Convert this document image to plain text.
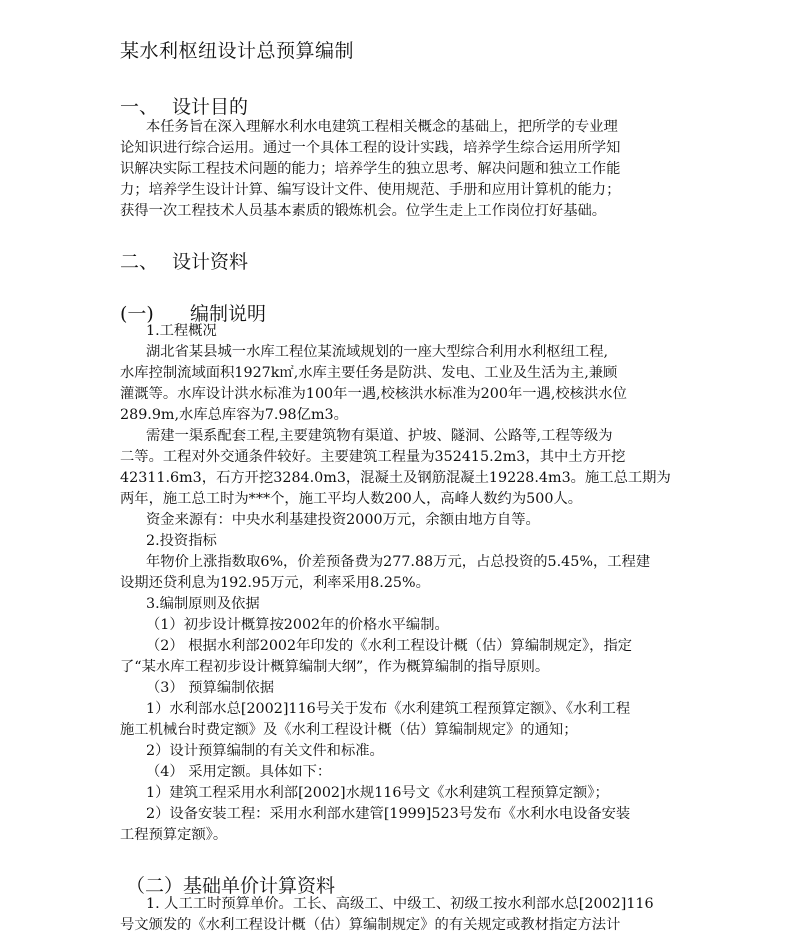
某水利枢纽设计总预算编制
一、 设计目的
本任务旨在深入理解水利水电建筑工程相关概念的基础上，把所学的专业理
论知识进行综合运用。通过一个具体工程的设计实践，培养学生综合运用所学知
识解决实际工程技术问题的能力；培养学生的独立思考、解决问题和独立工作能
力；培养学生设计计算、编写设计文件、使用规范、手册和应用计算机的能力；
获得一次工程技术人员基本素质的锻炼机会。位学生走上工作岗位打好基础。
二、 设计资料
(一) 编制说明
1.工程概况
湖北省某县城一水库工程位某流域规划的一座大型综合利用水利枢纽工程,
水库控制流域面积1927k㎡,水库主要任务是防洪、发电、工业及生活为主,兼顾
灌溉等。水库设计洪水标准为100年一遇,校核洪水标准为200年一遇,校核洪水位
289.9m,水库总库容为7.98亿m3。
需建一渠系配套工程,主要建筑物有渠道、护坡、隧洞、公路等,工程等级为
二等。工程对外交通条件较好。主要建筑工程量为352415.2m3，其中土方开挖
42311.6m3，石方开挖3284.0m3，混凝土及钢筋混凝土19228.4m3。施工总工期为
两年，施工总工时为***个，施工平均人数200人，高峰人数约为500人。
资金来源有：中央水利基建投资2000万元，余额由地方自等。
2.投资指标
年物价上涨指数取6%，价差预备费为277.88万元，占总投资的5.45%，工程建
设期还贷利息为192.95万元，利率采用8.25%。
3.编制原则及依据
（1）初步设计概算按2002年的价格水平编制。
（2） 根据水利部2002年印发的《水利工程设计概（估）算编制规定》，指定
了“某水库工程初步设计概算编制大纲”，作为概算编制的指导原则。
（3） 预算编制依据
1）水利部水总[2002]116号关于发布《水利建筑工程预算定额》、《水利工程
施工机械台时费定额》及《水利工程设计概（估）算编制规定》的通知；
2）设计预算编制的有关文件和标准。
（4） 采用定额。具体如下：
1）建筑工程采用水利部[2002]水规116号文《水利建筑工程预算定额》；
2）设备安装工程：采用水利部水建管[1999]523号发布《水利水电设备安装
工程预算定额》。
（二）基础单价计算资料
1. 人工工时预算单价。工长、高级工、中级工、初级工按水利部水总[2002]116
号文颁发的《水利工程设计概（估）算编制规定》的有关规定或教材指定方法计
